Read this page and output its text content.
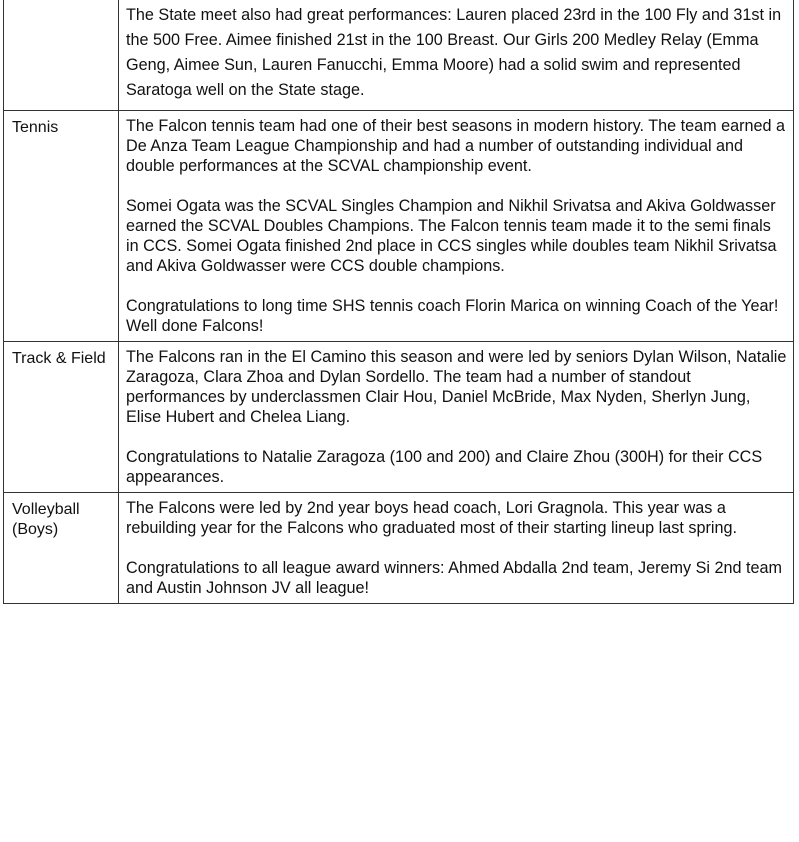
	The State meet also had great performances: Lauren placed 23rd in the 100 Fly and 31st in the 500 Free. Aimee finished 21st in the 100 Breast. Our Girls 200 Medley Relay (Emma Geng, Aimee Sun, Lauren Fanucchi, Emma Moore) had a solid swim and represented Saratoga well on the State stage.

Tennis	The Falcon tennis team had one of their best seasons in modern history. The team earned a De Anza Team League Championship and had a number of outstanding individual and double performances at the SCVAL championship event.

Somei Ogata was the SCVAL Singles Champion and Nikhil Srivatsa and Akiva Goldwasser earned the SCVAL Doubles Champions. The Falcon tennis team made it to the semi finals in CCS. Somei Ogata finished 2nd place in CCS singles while doubles team Nikhil Srivatsa and Akiva Goldwasser were CCS double champions.

Congratulations to long time SHS tennis coach Florin Marica on winning Coach of the Year! Well done Falcons!

Track & Field	The Falcons ran in the El Camino this season and were led by seniors Dylan Wilson, Natalie Zaragoza, Clara Zhoa and Dylan Sordello. The team had a number of standout performances by underclassmen Clair Hou, Daniel McBride, Max Nyden, Sherlyn Jung, Elise Hubert and Chelea Liang.

Congratulations to Natalie Zaragoza (100 and 200) and Claire Zhou (300H) for their CCS appearances.

Volleyball (Boys)	The Falcons were led by 2nd year boys head coach, Lori Gragnola. This year was a rebuilding year for the Falcons who graduated most of their starting lineup last spring.

Congratulations to all league award winners: Ahmed Abdalla 2nd team, Jeremy Si 2nd team and Austin Johnson JV all league!
